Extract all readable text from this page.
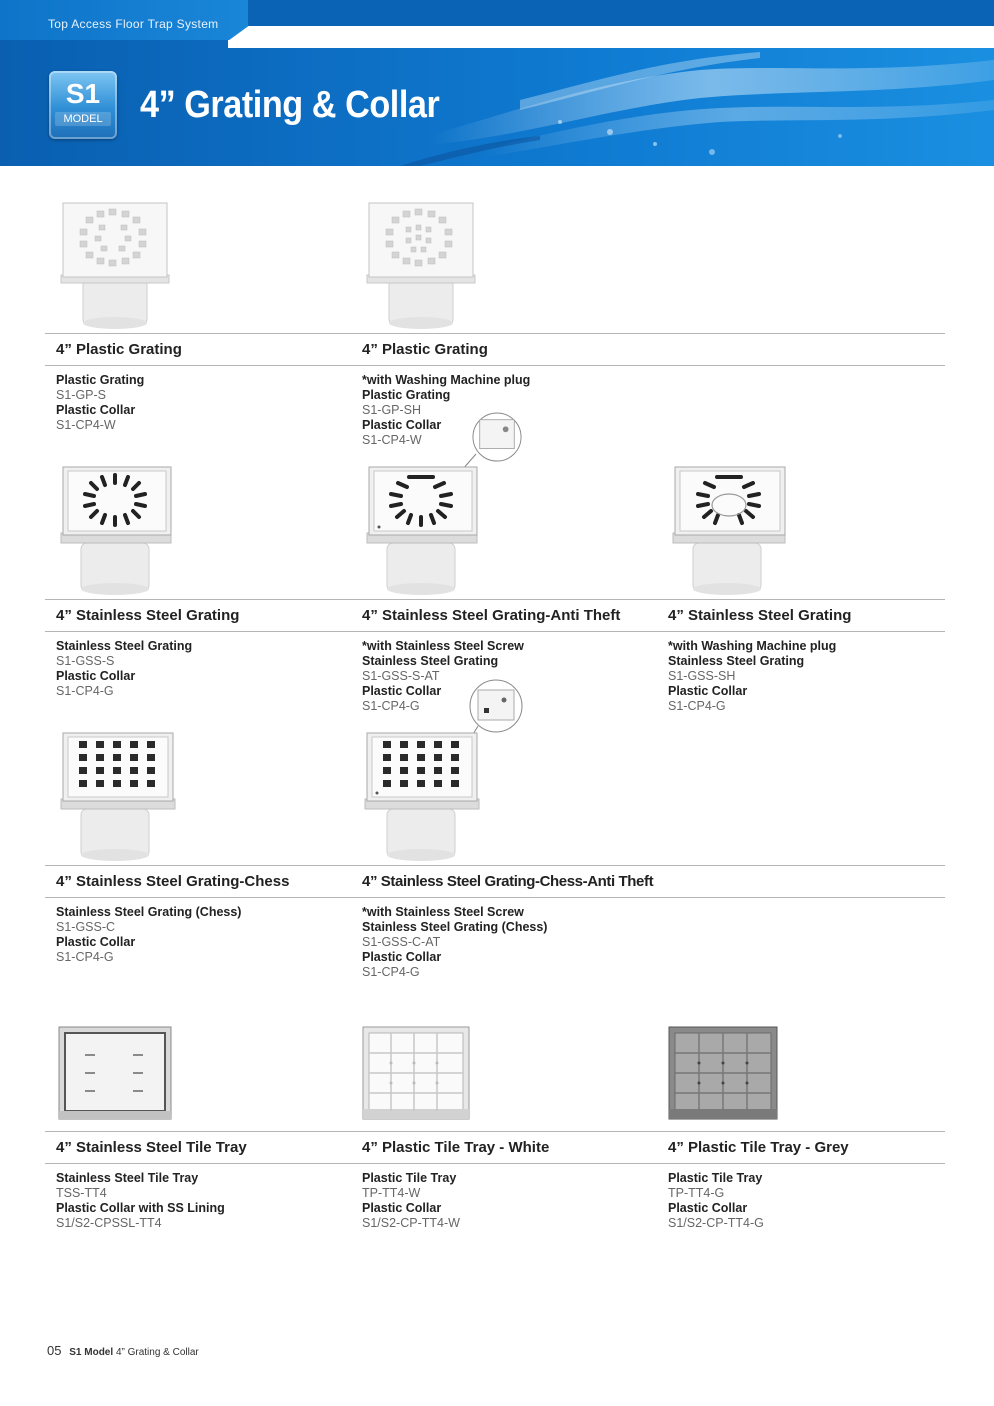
Top Access Floor Trap System
S1
MODEL 4” Grating & Collar
4” Plastic Grating
Plastic Grating
S1-GP-S
Plastic Collar
S1-CP4-W
4” Plastic Grating
*with Washing Machine plug
Plastic Grating
S1-GP-SH
Plastic Collar
S1-CP4-W
4” Stainless Steel Grating
Stainless Steel Grating
S1-GSS-S
Plastic Collar
S1-CP4-G
4” Stainless Steel Grating-Anti Theft
*with Stainless Steel Screw
Stainless Steel Grating
S1-GSS-S-AT
Plastic Collar
S1-CP4-G
4” Stainless Steel Grating
*with Washing Machine plug
Stainless Steel Grating
S1-GSS-SH
Plastic Collar
S1-CP4-G
4” Stainless Steel Grating-Chess
Stainless Steel Grating (Chess)
S1-GSS-C
Plastic Collar
S1-CP4-G
4” Stainless Steel Grating-Chess-Anti Theft
*with Stainless Steel Screw
Stainless Steel Grating (Chess)
S1-GSS-C-AT
Plastic Collar
S1-CP4-G
4” Stainless Steel Tile Tray
Stainless Steel Tile Tray
TSS-TT4
Plastic Collar with SS Lining
S1/S2-CPSSL-TT4
4” Plastic Tile Tray - White
Plastic Tile Tray
TP-TT4-W
Plastic Collar
S1/S2-CP-TT4-W
4” Plastic Tile Tray - Grey
Plastic Tile Tray
TP-TT4-G
Plastic Collar
S1/S2-CP-TT4-G
05 S1 Model 4” Grating & Collar
